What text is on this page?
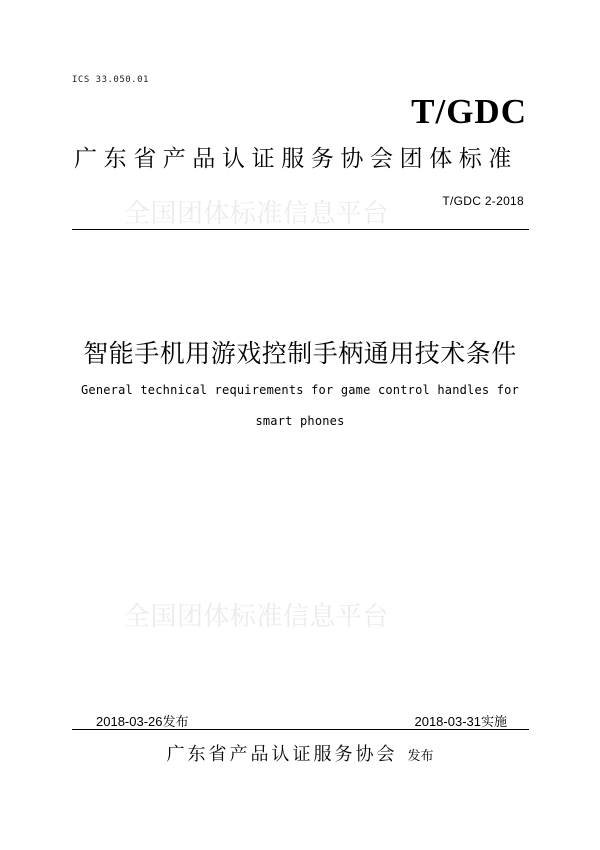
ICS 33.050.01
T/GDC
广东省产品认证服务协会团体标准
全国团体标准信息平台	T/GDC 2-2018
智能手机用游戏控制手柄通用技术条件
General technical requirements for game control handles for
smart phones
全国团体标准信息平台
2018-03-26发布	2018-03-31实施
广东省产品认证服务协会 发布
